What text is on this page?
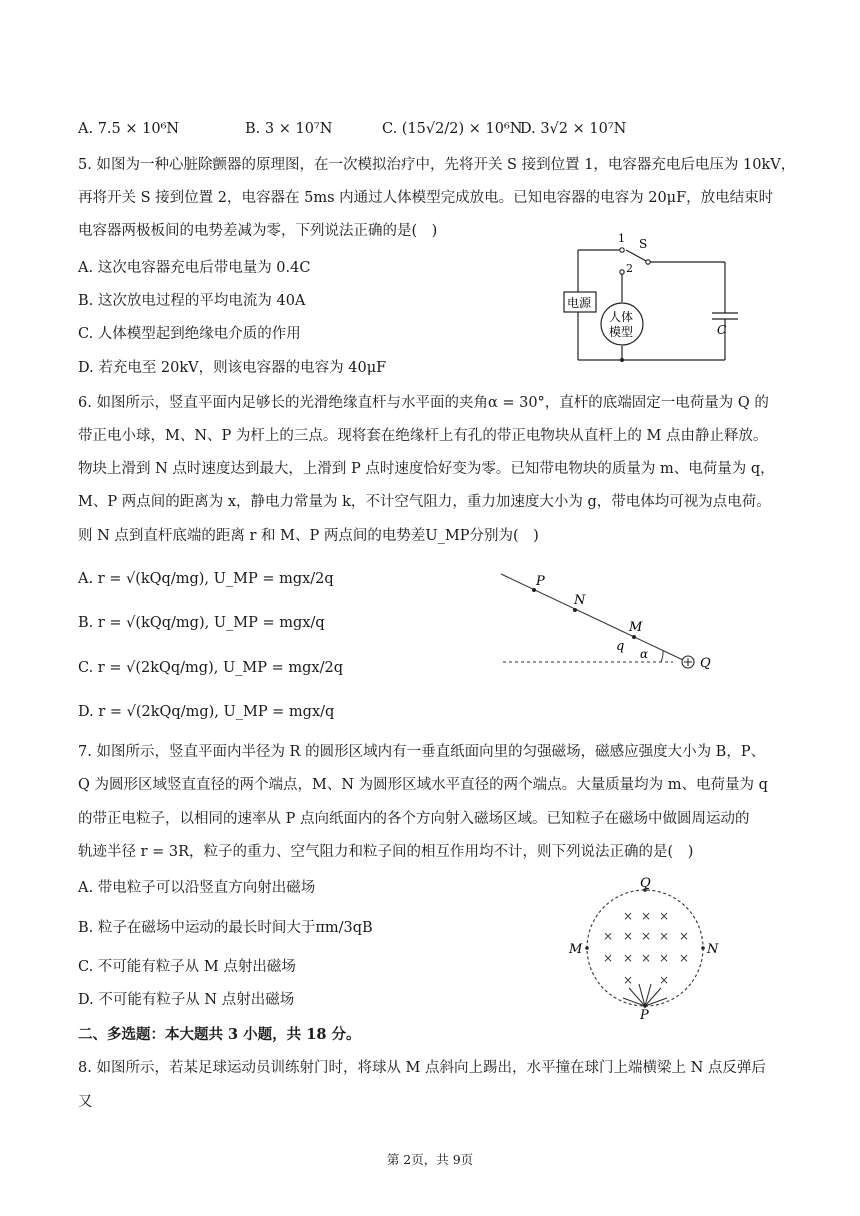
A. 7.5 × 10⁶N	B. 3 × 10⁷N	C. (15√2/2) × 10⁶N
D. 3√2 × 10⁷N
5. 如图为一种心脏除颤器的原理图，在一次模拟治疗中，先将开关 S 接到位置 1，电容器充电后电压为 10kV，
再将开关 S 接到位置 2，电容器在 5ms 内通过人体模型完成放电。已知电容器的电容为 20μF，放电结束时
电容器两极板间的电势差减为零，下列说法正确的是(　)
A. 这次电容器充电后带电量为 0.4C
B. 这次放电过程的平均电流为 40A
C. 人体模型起到绝缘电介质的作用
D. 若充电至 20kV，则该电容器的电容为 40μF
1
2
S
电源
人体
模型	C
6. 如图所示，竖直平面内足够长的光滑绝缘直杆与水平面的夹角α = 30°，直杆的底端固定一电荷量为 Q 的
带正电小球，M、N、P 为杆上的三点。现将套在绝缘杆上有孔的带正电物块从直杆上的 M 点由静止释放。
物块上滑到 N 点时速度达到最大，上滑到 P 点时速度恰好变为零。已知带电物块的质量为 m、电荷量为 q，
M、P 两点间的距离为 x，静电力常量为 k，不计空气阻力，重力加速度大小为 g，带电体均可视为点电荷。
则 N 点到直杆底端的距离 r 和 M、P 两点间的电势差U_MP分别为(　)
A. r = √(kQq/mg), U_MP = mgx/2q
B. r = √(kQq/mg), U_MP = mgx/q
C. r = √(2kQq/mg), U_MP = mgx/2q
D. r = √(2kQq/mg), U_MP = mgx/q
P
N
M
q α
Q
7. 如图所示，竖直平面内半径为 R 的圆形区域内有一垂直纸面向里的匀强磁场，磁感应强度大小为 B，P、
Q 为圆形区域竖直直径的两个端点，M、N 为圆形区域水平直径的两个端点。大量质量均为 m、电荷量为 q
的带正电粒子，以相同的速率从 P 点向纸面内的各个方向射入磁场区域。已知粒子在磁场中做圆周运动的
轨迹半径 r = 3R，粒子的重力、空气阻力和粒子间的相互作用均不计，则下列说法正确的是(　)
A. 带电粒子可以沿竖直方向射出磁场
B. 粒子在磁场中运动的最长时间大于πm/3qB
C. 不可能有粒子从 M 点射出磁场
D. 不可能有粒子从 N 点射出磁场
× × ×
× × × × ×
× × × × ×
× ×
Q
M	N
P
二、多选题：本大题共 3 小题，共 18 分。
8. 如图所示，若某足球运动员训练射门时，将球从 M 点斜向上踢出，水平撞在球门上端横梁上 N 点反弹后
又
第 2页，共 9页
